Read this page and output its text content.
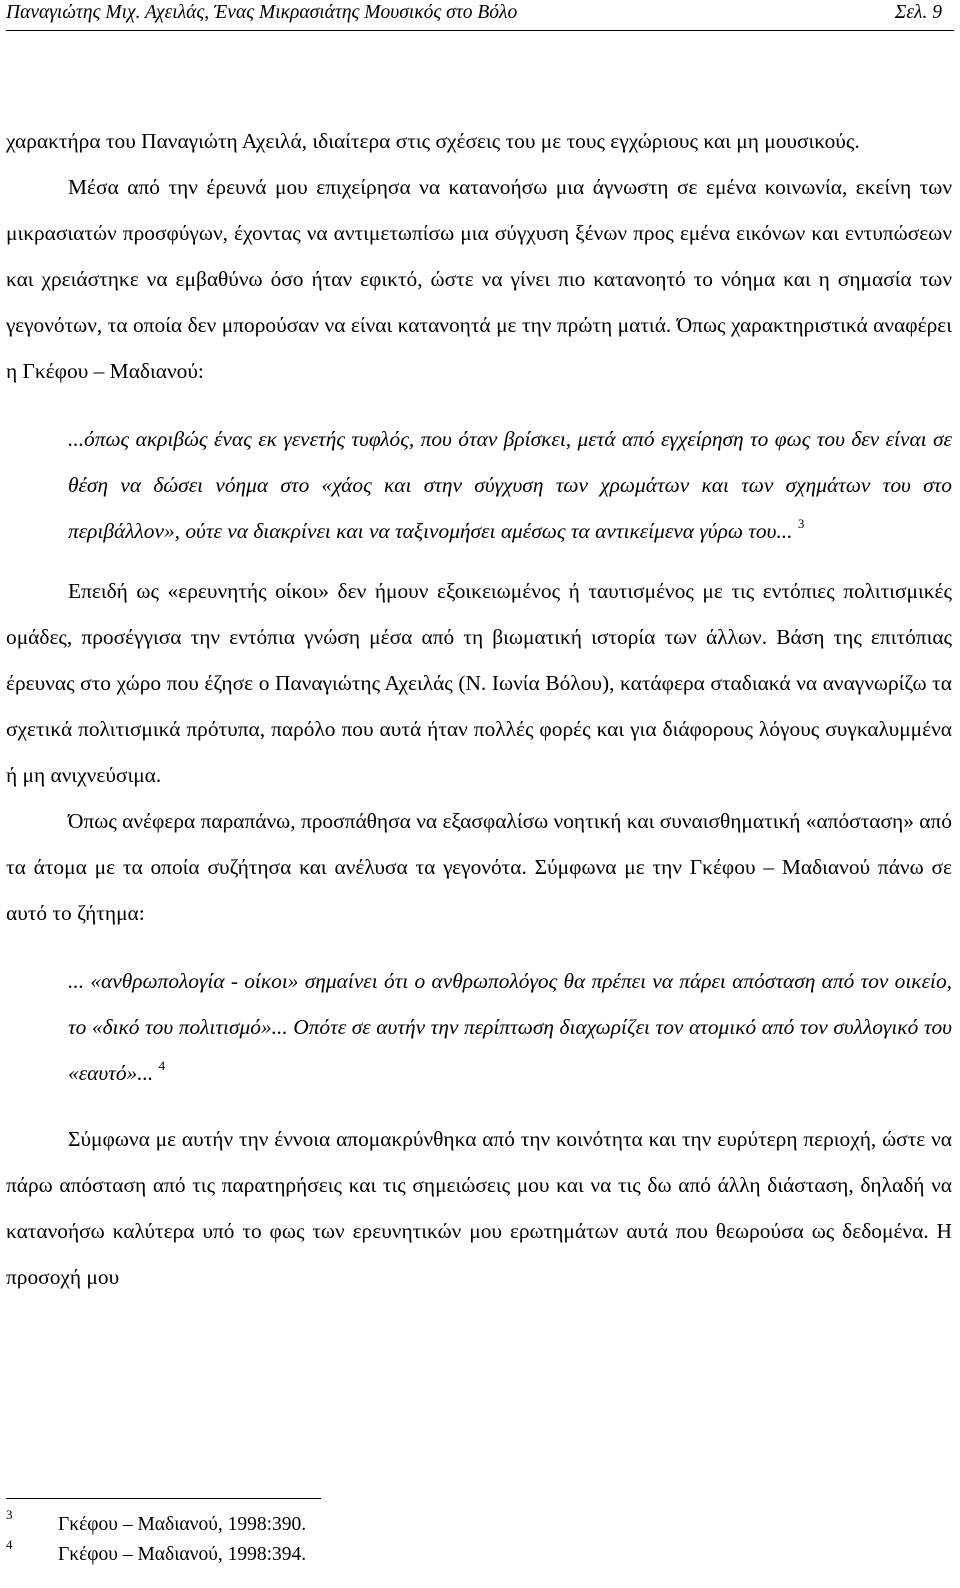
Παναγιώτης Μιχ. Αχειλάς, Ένας Μικρασιάτης Μουσικός στο Βόλο	Σελ. 9

χαρακτήρα του Παναγιώτη Αχειλά, ιδιαίτερα στις σχέσεις του με τους εγχώριους και μη μουσικούς.

Μέσα από την έρευνά μου επιχείρησα να κατανοήσω μια άγνωστη σε εμένα κοινωνία, εκείνη των μικρασιατών προσφύγων, έχοντας να αντιμετωπίσω μια σύγχυση ξένων προς εμένα εικόνων και εντυπώσεων και χρειάστηκε να εμβαθύνω όσο ήταν εφικτό, ώστε να γίνει πιο κατανοητό το νόημα και η σημασία των γεγονότων, τα οποία δεν μπορούσαν να είναι κατανοητά με την πρώτη ματιά. Όπως χαρακτηριστικά αναφέρει η Γκέφου – Μαδιανού:

...όπως ακριβώς ένας εκ γενετής τυφλός, που όταν βρίσκει, μετά από εγχείρηση το φως του δεν είναι σε θέση να δώσει νόημα στο «χάος και στην σύγχυση των χρωμάτων και των σχημάτων του στο περιβάλλον», ούτε να διακρίνει και να ταξινομήσει αμέσως τα αντικείμενα γύρω του... $^3$

Επειδή ως «ερευνητής οίκοι» δεν ήμουν εξοικειωμένος ή ταυτισμένος με τις εντόπιες πολιτισμικές ομάδες, προσέγγισα την εντόπια γνώση μέσα από τη βιωματική ιστορία των άλλων. Βάση της επιτόπιας έρευνας στο χώρο που έζησε ο Παναγιώτης Αχειλάς (Ν. Ιωνία Βόλου), κατάφερα σταδιακά να αναγνωρίζω τα σχετικά πολιτισμικά πρότυπα, παρόλο που αυτά ήταν πολλές φορές και για διάφορους λόγους συγκαλυμμένα ή μη ανιχνεύσιμα.

Όπως ανέφερα παραπάνω, προσπάθησα να εξασφαλίσω νοητική και συναισθηματική «απόσταση» από τα άτομα με τα οποία συζήτησα και ανέλυσα τα γεγονότα. Σύμφωνα με την Γκέφου – Μαδιανού πάνω σε αυτό το ζήτημα:

... «ανθρωπολογία - οίκοι» σημαίνει ότι ο ανθρωπολόγος θα πρέπει να πάρει απόσταση από τον οικείο, το «δικό του πολιτισμό»... Οπότε σε αυτήν την περίπτωση διαχωρίζει τον ατομικό από τον συλλογικό του «εαυτό»... $^4$

Σύμφωνα με αυτήν την έννοια απομακρύνθηκα από την κοινότητα και την ευρύτερη περιοχή, ώστε να πάρω απόσταση από τις παρατηρήσεις και τις σημειώσεις μου και να τις δω από άλλη διάσταση, δηλαδή να κατανοήσω καλύτερα υπό το φως των ερευνητικών μου ερωτημάτων αυτά που θεωρούσα ως δεδομένα. Η προσοχή μου

3 Γκέφου – Μαδιανού, 1998:390.
4 Γκέφου – Μαδιανού, 1998:394.
